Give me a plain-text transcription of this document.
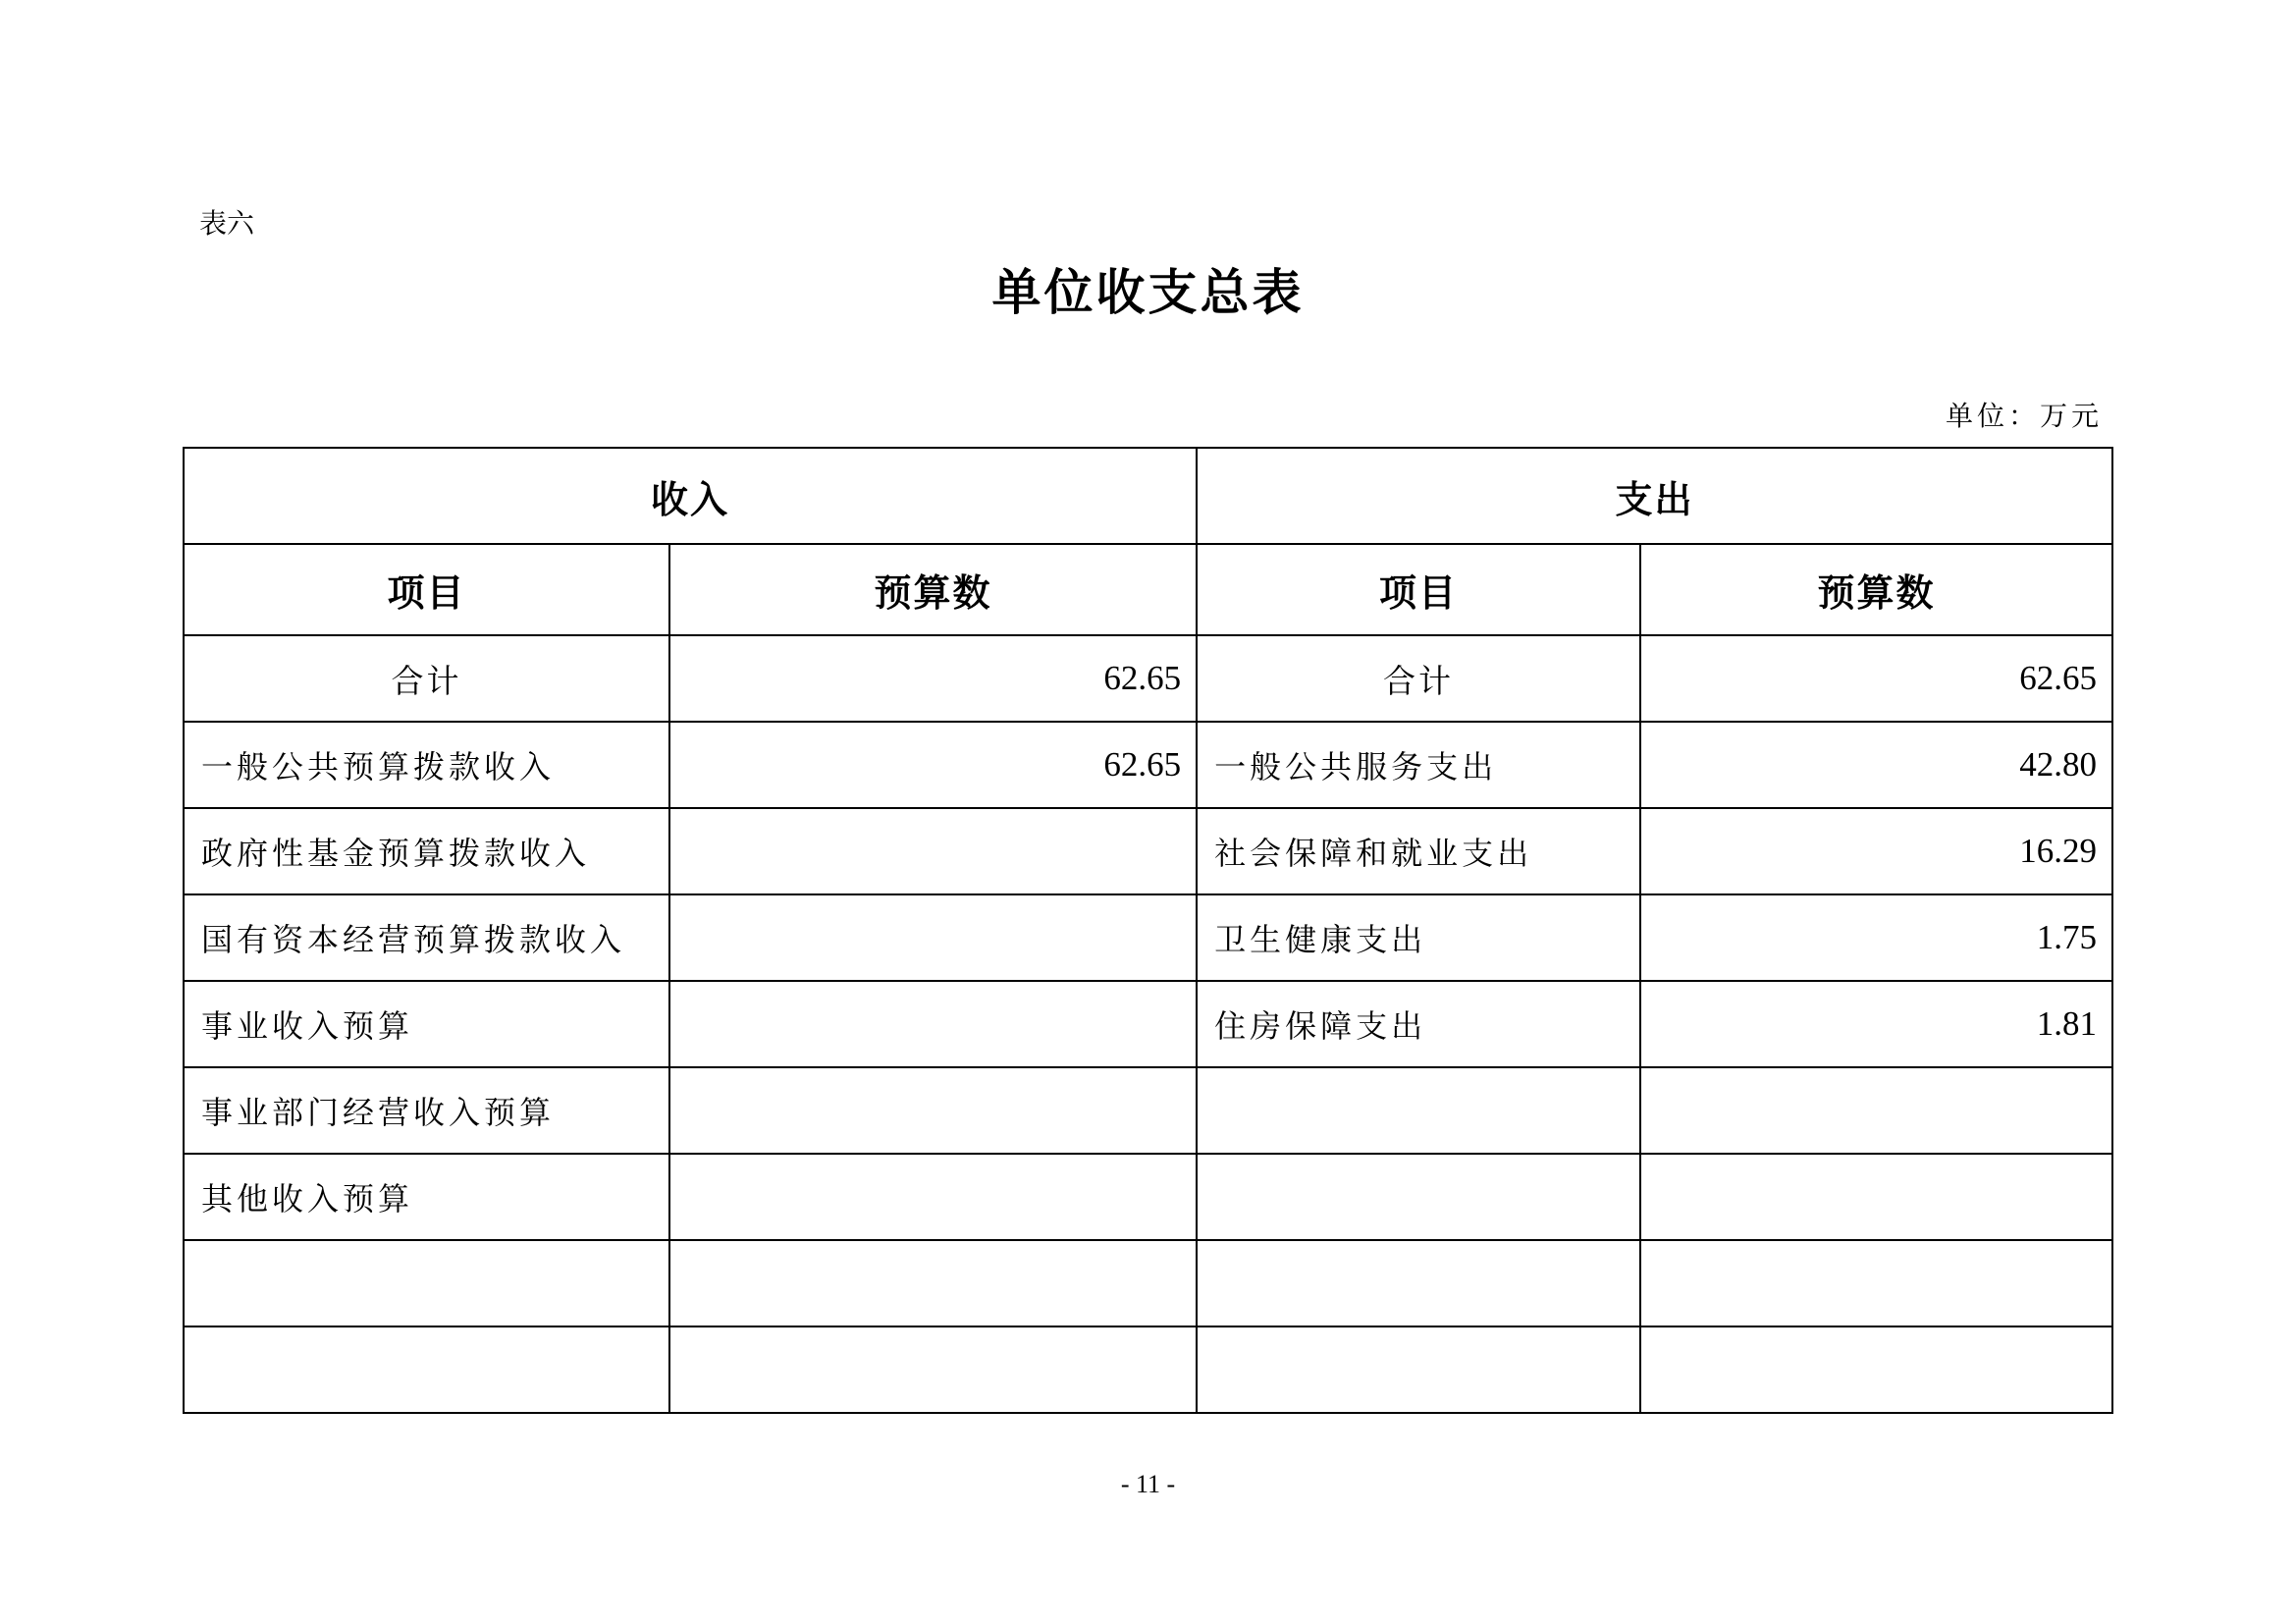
表六
单位收支总表
单位：万元
收入		支出	
项目	预算数	项目	预算数
合计	62.65	合计	62.65
一般公共预算拨款收入	62.65	一般公共服务支出	42.80
政府性基金预算拨款收入		社会保障和就业支出	16.29
国有资本经营预算拨款收入		卫生健康支出	1.75
事业收入预算		住房保障支出	1.81
事业部门经营收入预算			
其他收入预算			

- 11 -
